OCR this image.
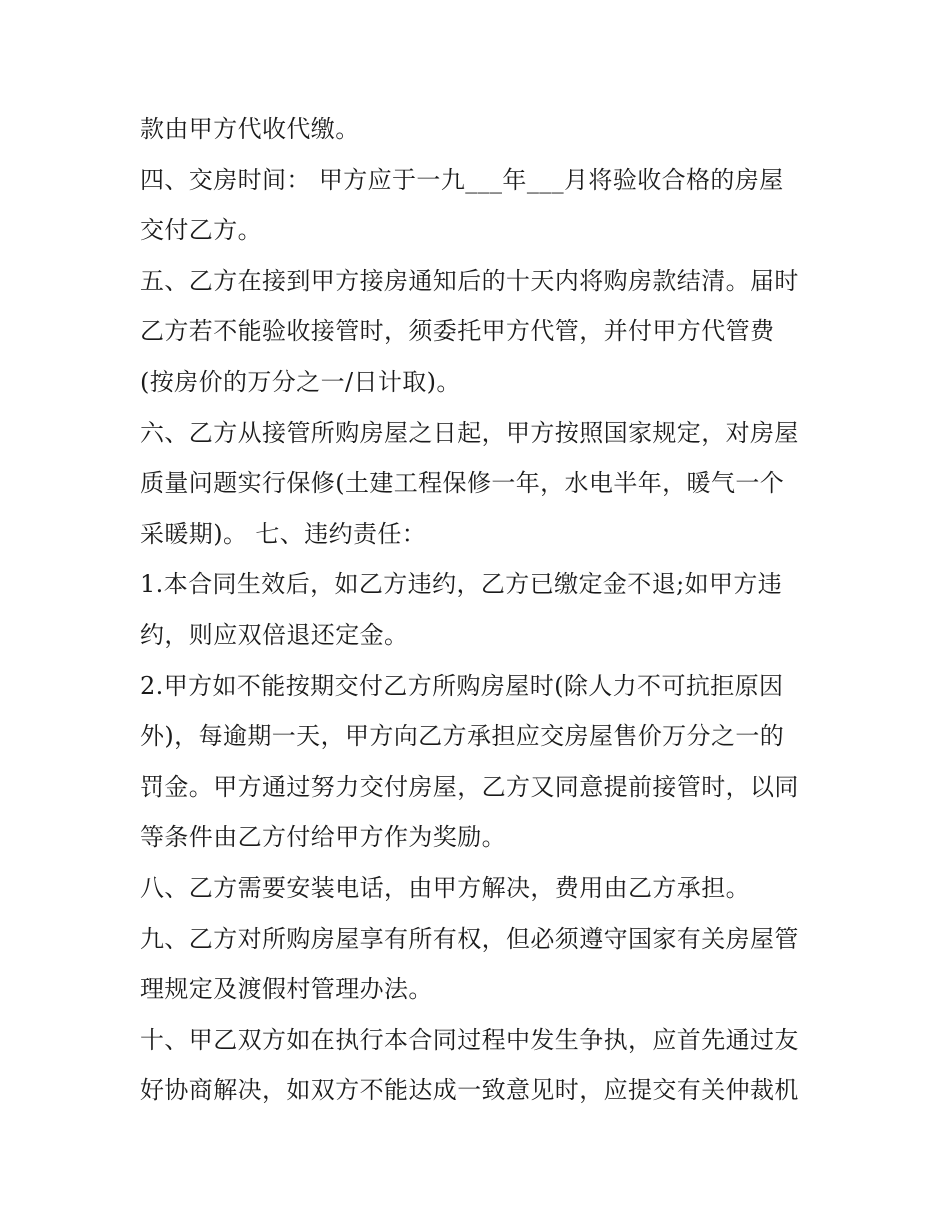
款由甲方代收代缴。
四、交房时间： 甲方应于一九___年___月将验收合格的房屋
交付乙方。
五、乙方在接到甲方接房通知后的十天内将购房款结清。届时
乙方若不能验收接管时，须委托甲方代管，并付甲方代管费
(按房价的万分之一/日计取)。
六、乙方从接管所购房屋之日起，甲方按照国家规定，对房屋
质量问题实行保修(土建工程保修一年，水电半年，暖气一个
采暖期)。 七、违约责任：
1.本合同生效后，如乙方违约，乙方已缴定金不退;如甲方违
约，则应双倍退还定金。
2.甲方如不能按期交付乙方所购房屋时(除人力不可抗拒原因
外)，每逾期一天，甲方向乙方承担应交房屋售价万分之一的
罚金。甲方通过努力交付房屋，乙方又同意提前接管时，以同
等条件由乙方付给甲方作为奖励。
八、乙方需要安装电话，由甲方解决，费用由乙方承担。
九、乙方对所购房屋享有所有权，但必须遵守国家有关房屋管
理规定及渡假村管理办法。
十、甲乙双方如在执行本合同过程中发生争执，应首先通过友
好协商解决，如双方不能达成一致意见时，应提交有关仲裁机
